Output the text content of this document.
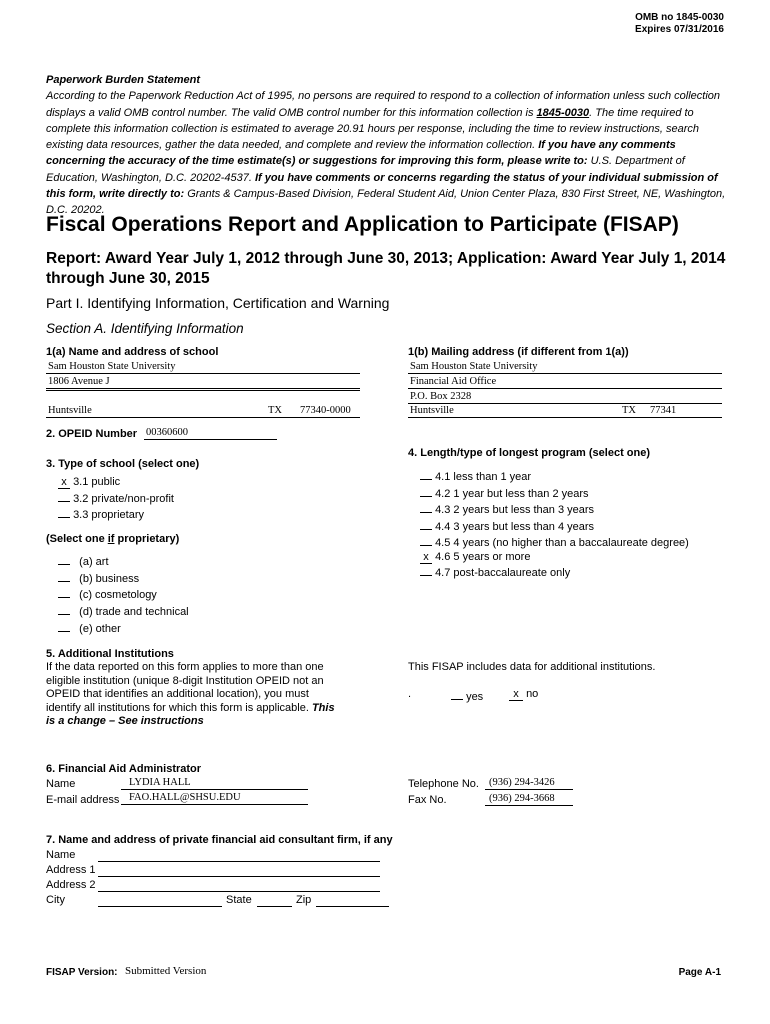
OMB no 1845-0030
Expires 07/31/2016
Paperwork Burden Statement
According to the Paperwork Reduction Act of 1995, no persons are required to respond to a collection of information unless such collection displays a valid OMB control number. The valid OMB control number for this information collection is 1845-0030. The time required to complete this information collection is estimated to average 20.91 hours per response, including the time to review instructions, search existing data resources, gather the data needed, and complete and review the information collection. If you have any comments concerning the accuracy of the time estimate(s) or suggestions for improving this form, please write to: U.S. Department of Education, Washington, D.C. 20202-4537. If you have comments or concerns regarding the status of your individual submission of this form, write directly to: Grants & Campus-Based Division, Federal Student Aid, Union Center Plaza, 830 First Street, NE, Washington, D.C. 20202.
Fiscal Operations Report and Application to Participate (FISAP)
Report: Award Year July 1, 2012 through June 30, 2013; Application: Award Year July 1, 2014 through June 30, 2015
Part I. Identifying Information, Certification and Warning
Section A. Identifying Information
1(a) Name and address of school
Sam Houston State University
1806 Avenue J
Huntsville	TX 77340-0000

1(b) Mailing address (if different from 1(a))
Sam Houston State University
Financial Aid Office
P.O. Box 2328
Huntsville	TX 77341

2. OPEID Number 00360600
3. Type of school (select one)
x 3.1 public
3.2 private/non-profit
3.3 proprietary
(Select one if proprietary)
(a) art
(b) business
(c) cosmetology
(d) trade and technical
(e) other
4. Length/type of longest program (select one)
4.1 less than 1 year
4.2 1 year but less than 2 years
4.3 2 years but less than 3 years
4.4 3 years but less than 4 years
4.5 4 years (no higher than a baccalaureate degree)
x 4.6 5 years or more
4.7 post-baccalaureate only
5. Additional Institutions
If the data reported on this form applies to more than one eligible institution (unique 8-digit Institution OPEID not an OPEID that identifies an additional location), you must identify all institutions for which this form is applicable. This is a change – See instructions
This FISAP includes data for additional institutions.
.	yes	x no
6. Financial Aid Administrator
Name	LYDIA HALL
E-mail address FAO.HALL@SHSU.EDU
Telephone No. (936) 294-3426
Fax No.	(936) 294-3668
7. Name and address of private financial aid consultant firm, if any
Name

Address 1

Address 2

City
	State
	Zip

FISAP Version: Submitted Version	Page A-1
